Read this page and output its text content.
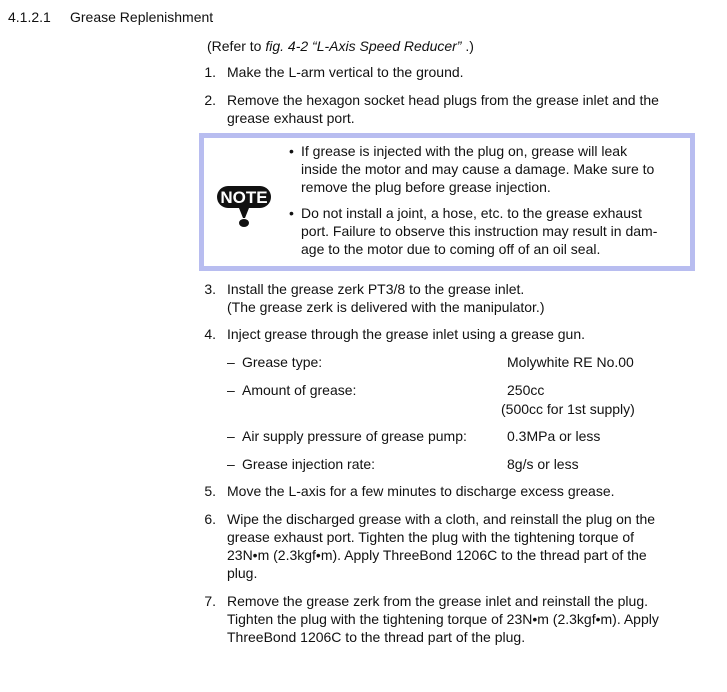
4.1.2.1 Grease Replenishment
(Refer to fig. 4-2 “L-Axis Speed Reducer” .)
1. Make the L-arm vertical to the ground.
2. Remove the hexagon socket head plugs from the grease inlet and the
grease exhaust port.
NOTE
• If grease is injected with the plug on, grease will leak
inside the motor and may cause a damage. Make sure to
remove the plug before grease injection.
• Do not install a joint, a hose, etc. to the grease exhaust
port. Failure to observe this instruction may result in dam-
age to the motor due to coming off of an oil seal.
3. Install the grease zerk PT3/8 to the grease inlet.
(The grease zerk is delivered with the manipulator.)
4. Inject grease through the grease inlet using a grease gun.
– Grease type:	Molywhite RE No.00
– Amount of grease:	250cc
(500cc for 1st supply)
– Air supply pressure of grease pump:	0.3MPa or less
– Grease injection rate:	8g/s or less
5. Move the L-axis for a few minutes to discharge excess grease.
6. Wipe the discharged grease with a cloth, and reinstall the plug on the
grease exhaust port. Tighten the plug with the tightening torque of
23N•m (2.3kgf•m). Apply ThreeBond 1206C to the thread part of the
plug.
7. Remove the grease zerk from the grease inlet and reinstall the plug.
Tighten the plug with the tightening torque of 23N•m (2.3kgf•m). Apply
ThreeBond 1206C to the thread part of the plug.
